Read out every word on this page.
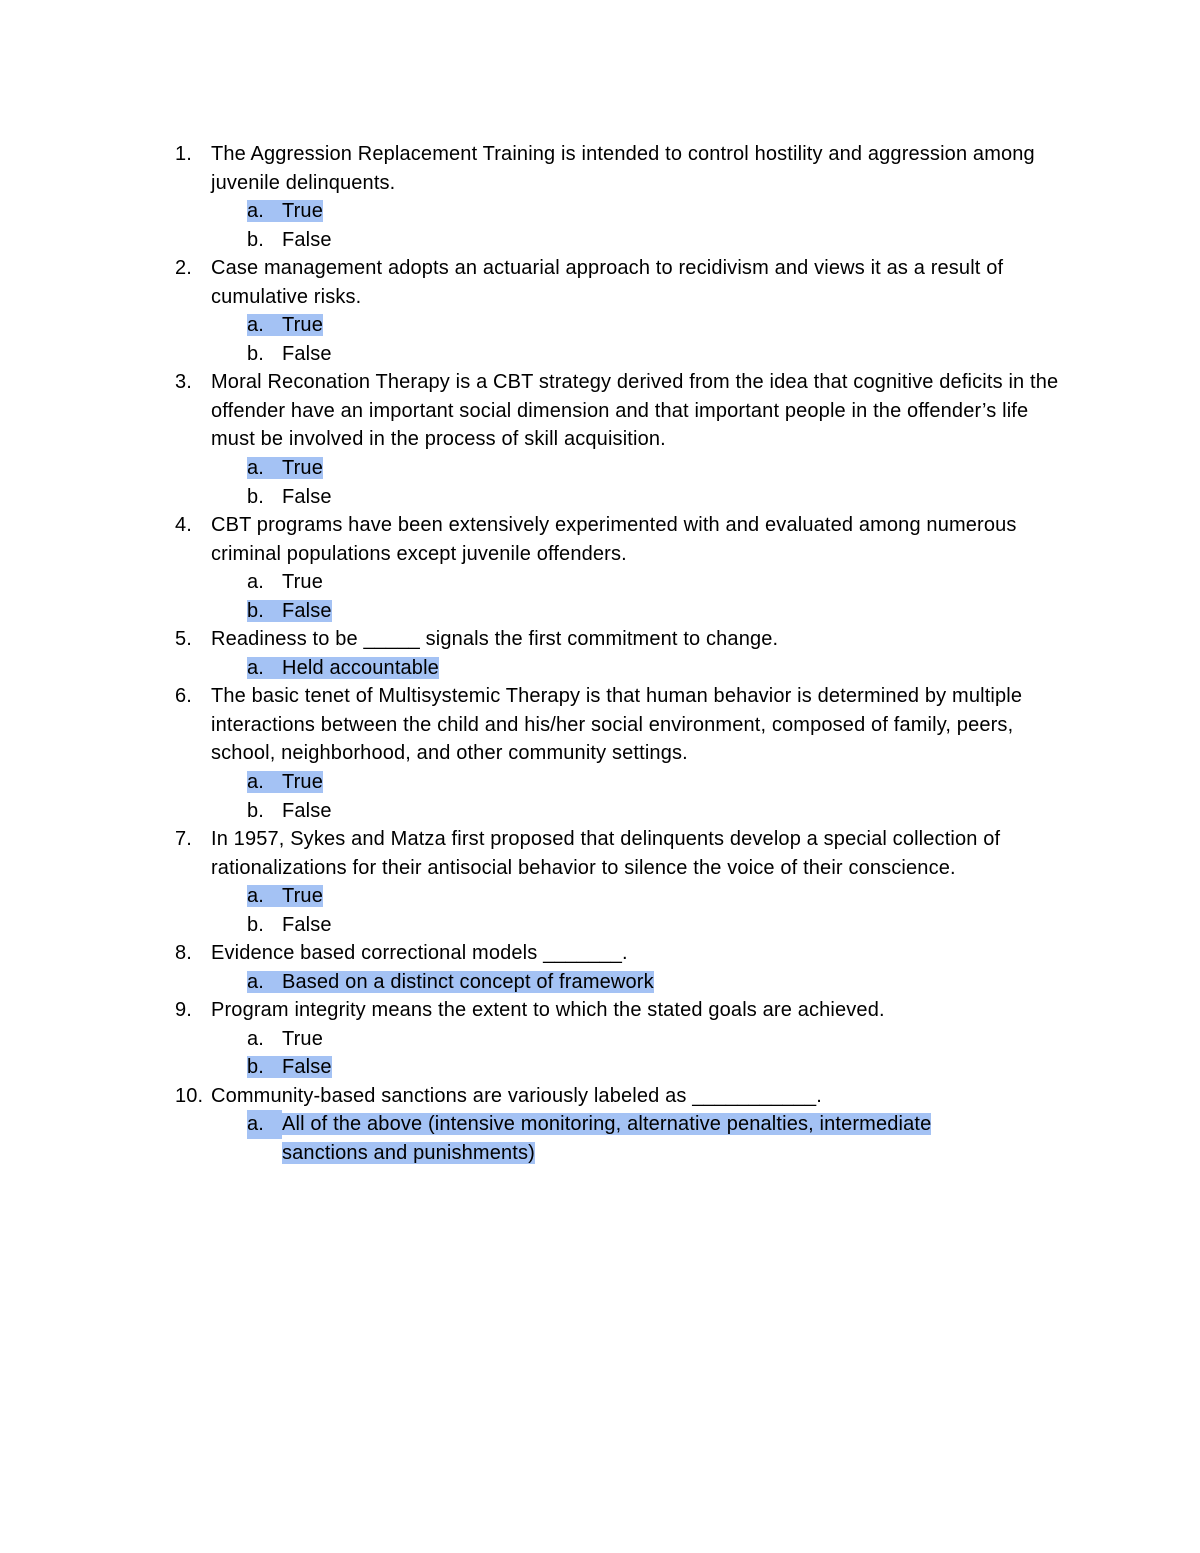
1. The Aggression Replacement Training is intended to control hostility and aggression among juvenile delinquents.
a. True
b. False
2. Case management adopts an actuarial approach to recidivism and views it as a result of cumulative risks.
a. True
b. False
3. Moral Reconation Therapy is a CBT strategy derived from the idea that cognitive deficits in the offender have an important social dimension and that important people in the offender’s life must be involved in the process of skill acquisition.
a. True
b. False
4. CBT programs have been extensively experimented with and evaluated among numerous criminal populations except juvenile offenders.
a. True
b. False
5. Readiness to be _____ signals the first commitment to change.
a. Held accountable
6. The basic tenet of Multisystemic Therapy is that human behavior is determined by multiple interactions between the child and his/her social environment, composed of family, peers, school, neighborhood, and other community settings.
a. True
b. False
7. In 1957, Sykes and Matza first proposed that delinquents develop a special collection of rationalizations for their antisocial behavior to silence the voice of their conscience.
a. True
b. False
8. Evidence based correctional models _______.
a. Based on a distinct concept of framework
9. Program integrity means the extent to which the stated goals are achieved.
a. True
b. False
10. Community-based sanctions are variously labeled as ___________.
a. All of the above (intensive monitoring, alternative penalties, intermediate sanctions and punishments)
